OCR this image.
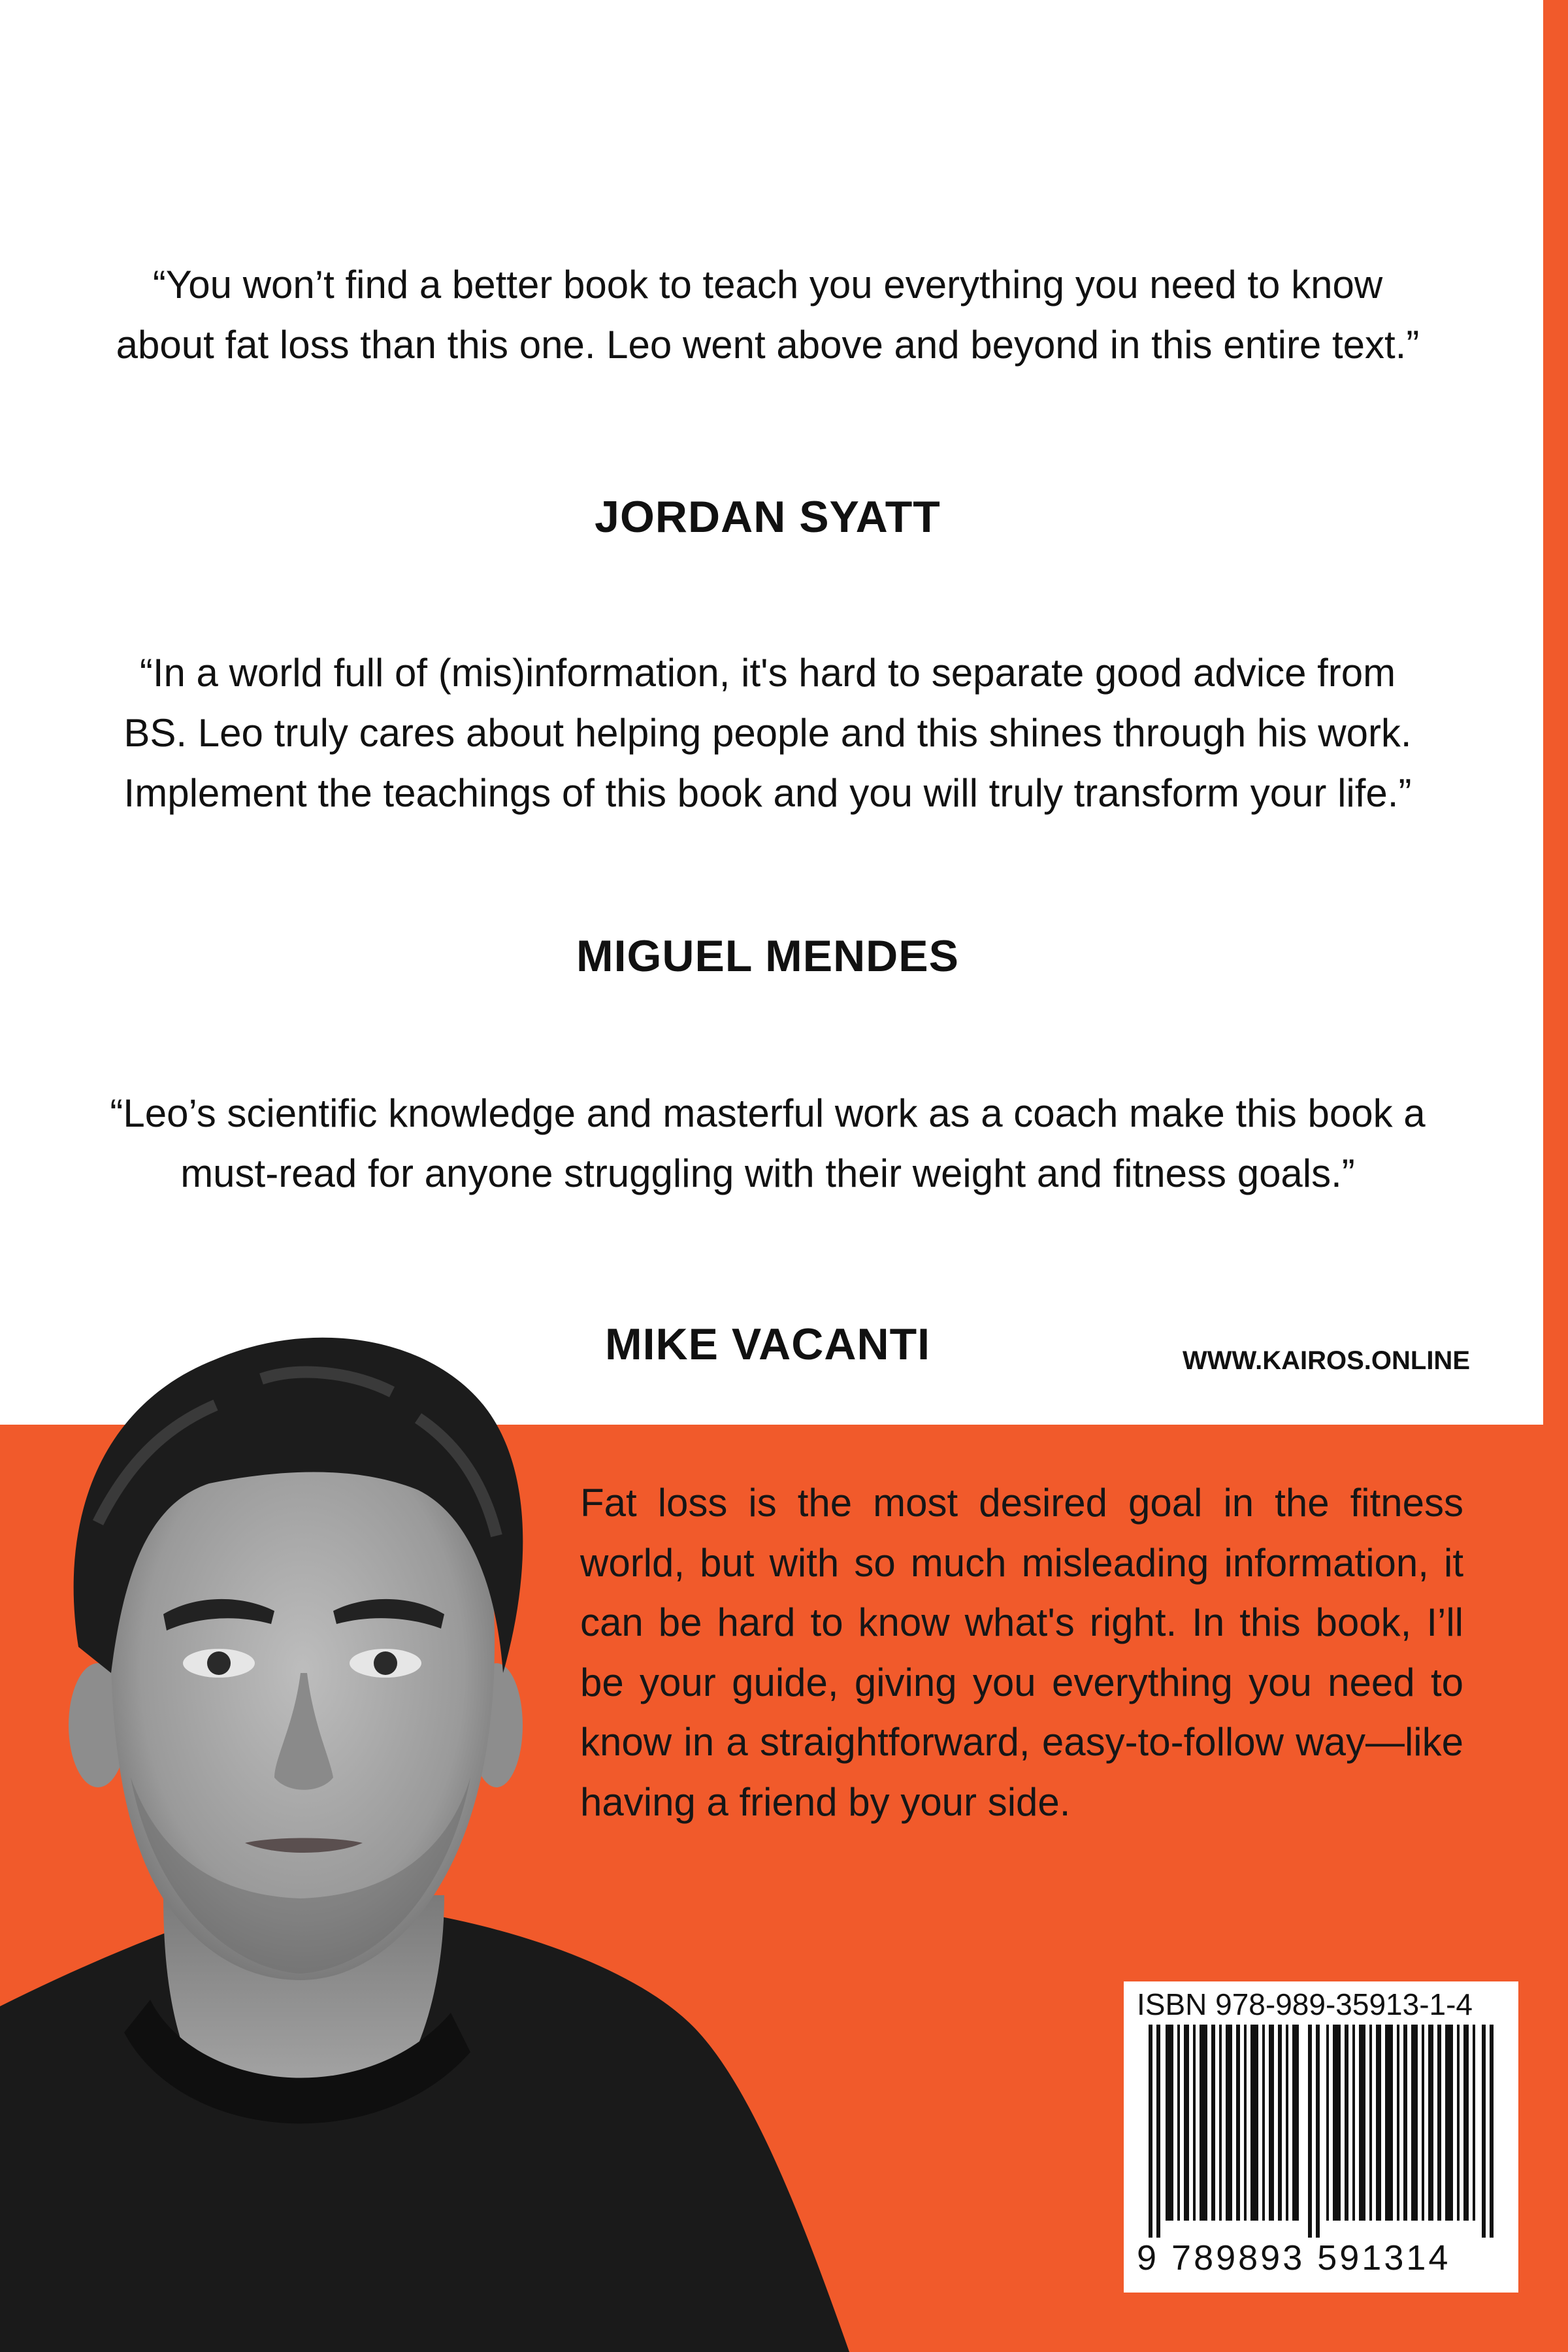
“You won’t find a better book to teach you everything you need to know about fat loss than this one. Leo went above and beyond in this entire text.”

JORDAN SYATT

“In a world full of (mis)information, it's hard to separate good advice from BS. Leo truly cares about helping people and this shines through his work. Implement the teachings of this book and you will truly transform your life.”

MIGUEL MENDES

“Leo’s scientific knowledge and masterful work as a coach make this book a must-read for anyone struggling with their weight and fitness goals.”

MIKE VACANTI	WWW.KAIROS.ONLINE

Fat loss is the most desired goal in the fitness world, but with so much misleading information, it can be hard to know what's right. In this book, I’ll be your guide, giving you everything you need to know in a straightforward, easy-to-follow way—like having a friend by your side.

ISBN 978-989-35913-1-4
9 789893 591314
